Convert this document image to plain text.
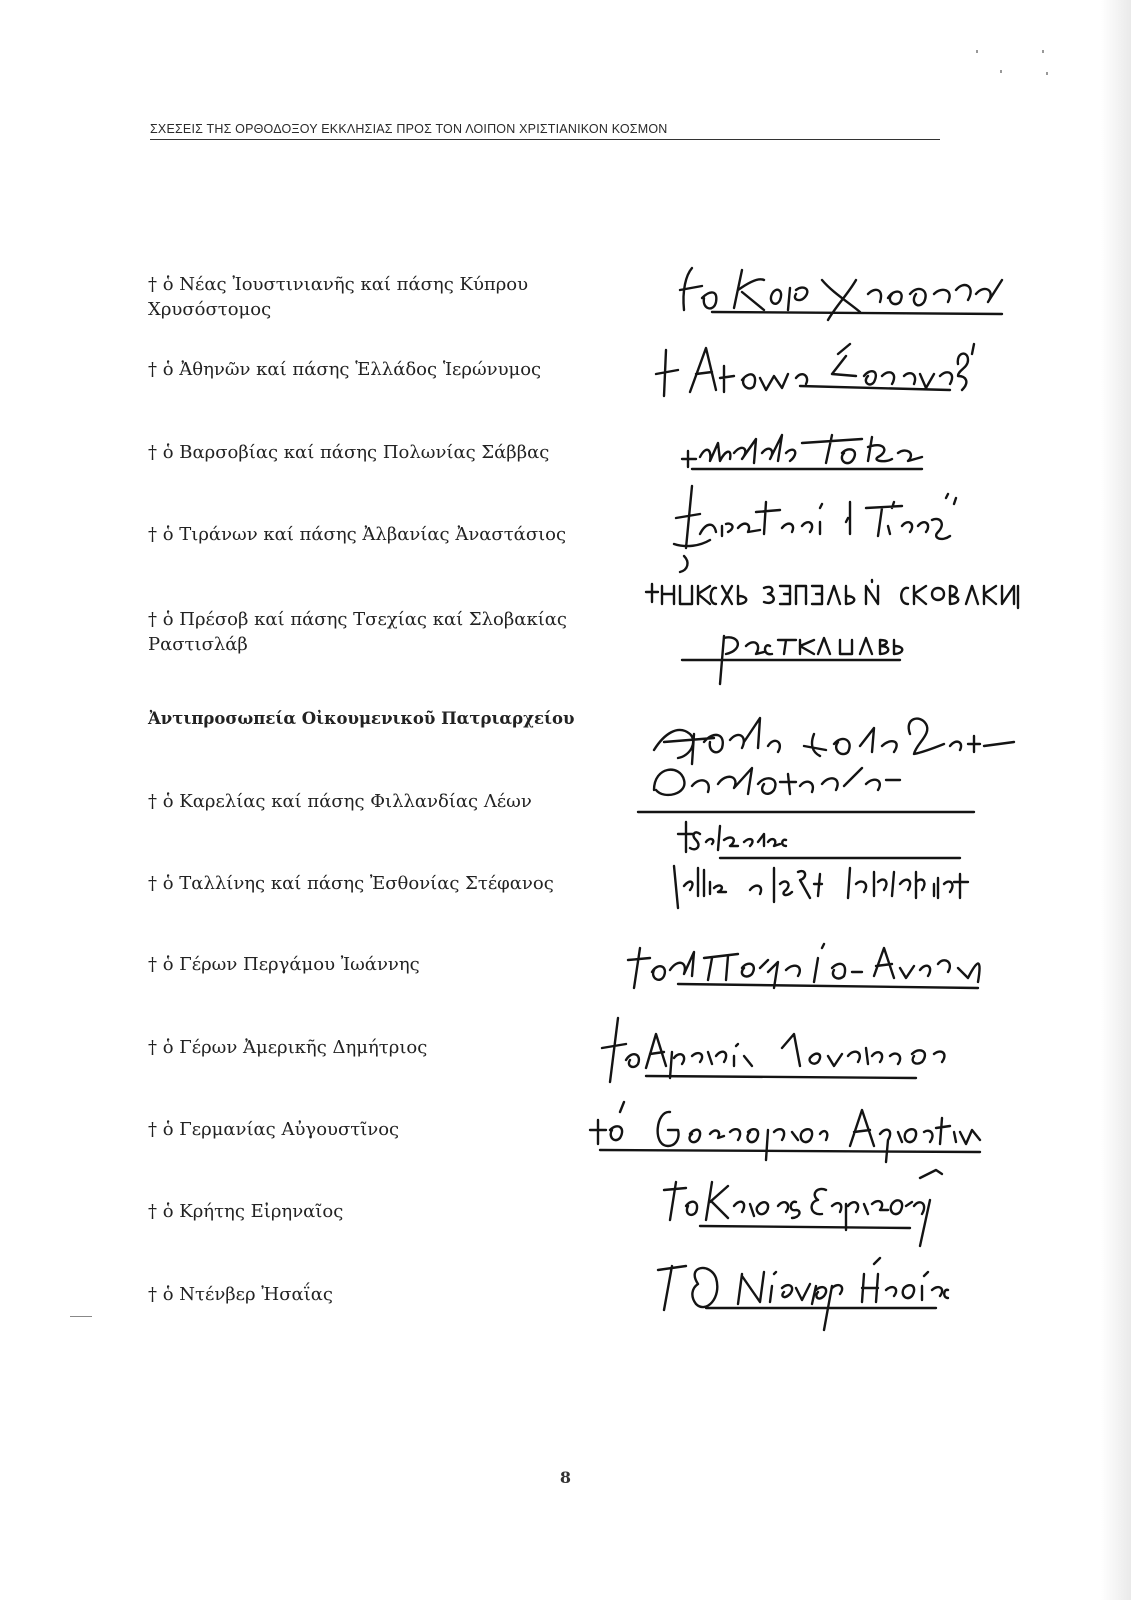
ΣΧΕΣΕΙΣ ΤΗΣ ΟΡΘΟΔΟΞΟΥ ΕΚΚΛΗΣΙΑΣ ΠΡΟΣ ΤΟΝ ΛΟΙΠΟΝ ΧΡΙΣΤΙΑΝΙΚΟΝ ΚΟΣΜΟΝ
† ὁ Νέας Ἰουστινιανῆς καί πάσης Κύπρου Χρυσόστομος
† ὁ Ἀθηνῶν καί πάσης Ἑλλάδος Ἱερώνυμος
† ὁ Βαρσοβίας καί πάσης Πολωνίας Σάββας
† ὁ Τιράνων καί πάσης Ἀλβανίας Ἀναστάσιος
† ὁ Πρέσοβ καί πάσης Τσεχίας καί Σλοβακίας Ραστισλάβ
Ἀντιπροσωπεία Οἰκουμενικοῦ Πατριαρχείου
† ὁ Καρελίας καί πάσης Φιλλανδίας Λέων
† ὁ Ταλλίνης καί πάσης Ἐσθονίας Στέφανος
† ὁ Γέρων Περγάμου Ἰωάννης
† ὁ Γέρων Ἀμερικῆς Δημήτριος
† ὁ Γερμανίας Αὐγουστῖνος
† ὁ Κρήτης Εἰρηναῖος
† ὁ Ντένβερ Ἠσαΐας
8
